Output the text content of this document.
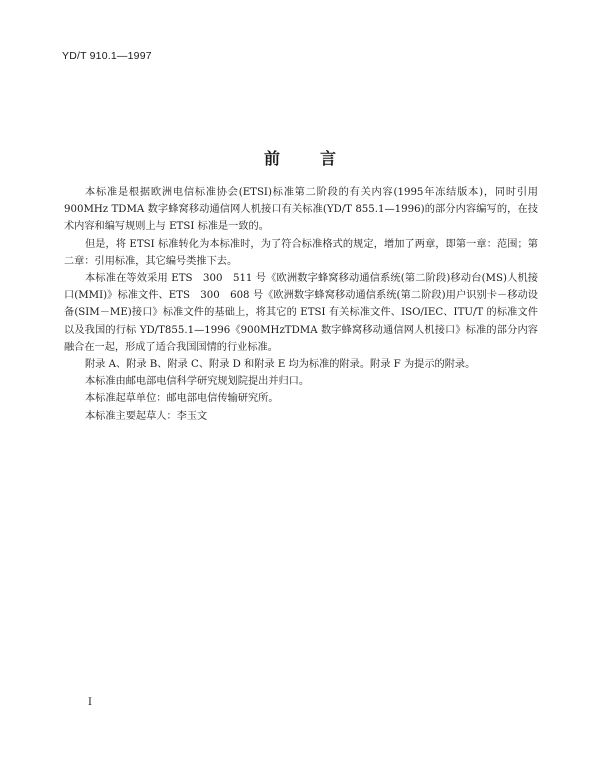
YD/T 910.1—1997
前　言

本标准是根据欧洲电信标准协会(ETSI)标准第二阶段的有关内容(1995年冻结版本)，同时引用900MHz TDMA 数字蜂窝移动通信网人机接口有关标准(YD/T 855.1—1996)的部分内容编写的，在技术内容和编写规则上与 ETSI 标准是一致的。

但是，将 ETSI 标准转化为本标准时，为了符合标准格式的规定，增加了两章，即第一章：范围；第二章：引用标准，其它编号类推下去。

本标准在等效采用 ETS　300　511 号《欧洲数字蜂窝移动通信系统(第二阶段)移动台(MS)人机接口(MMI)》标准文件、ETS　300　608 号《欧洲数字蜂窝移动通信系统(第二阶段)用户识别卡－移动设备(SIM－ME)接口》标准文件的基础上，将其它的 ETSI 有关标准文件、ISO/IEC、ITU/T 的标准文件以及我国的行标 YD/T855.1—1996《900MHzTDMA 数字蜂窝移动通信网人机接口》标准的部分内容融合在一起，形成了适合我国国情的行业标准。

附录 A、附录 B、附录 C、附录 D 和附录 E 均为标准的附录。附录 F 为提示的附录。

本标准由邮电部电信科学研究规划院提出并归口。

本标准起草单位：邮电部电信传输研究所。

本标准主要起草人：李玉文

I
